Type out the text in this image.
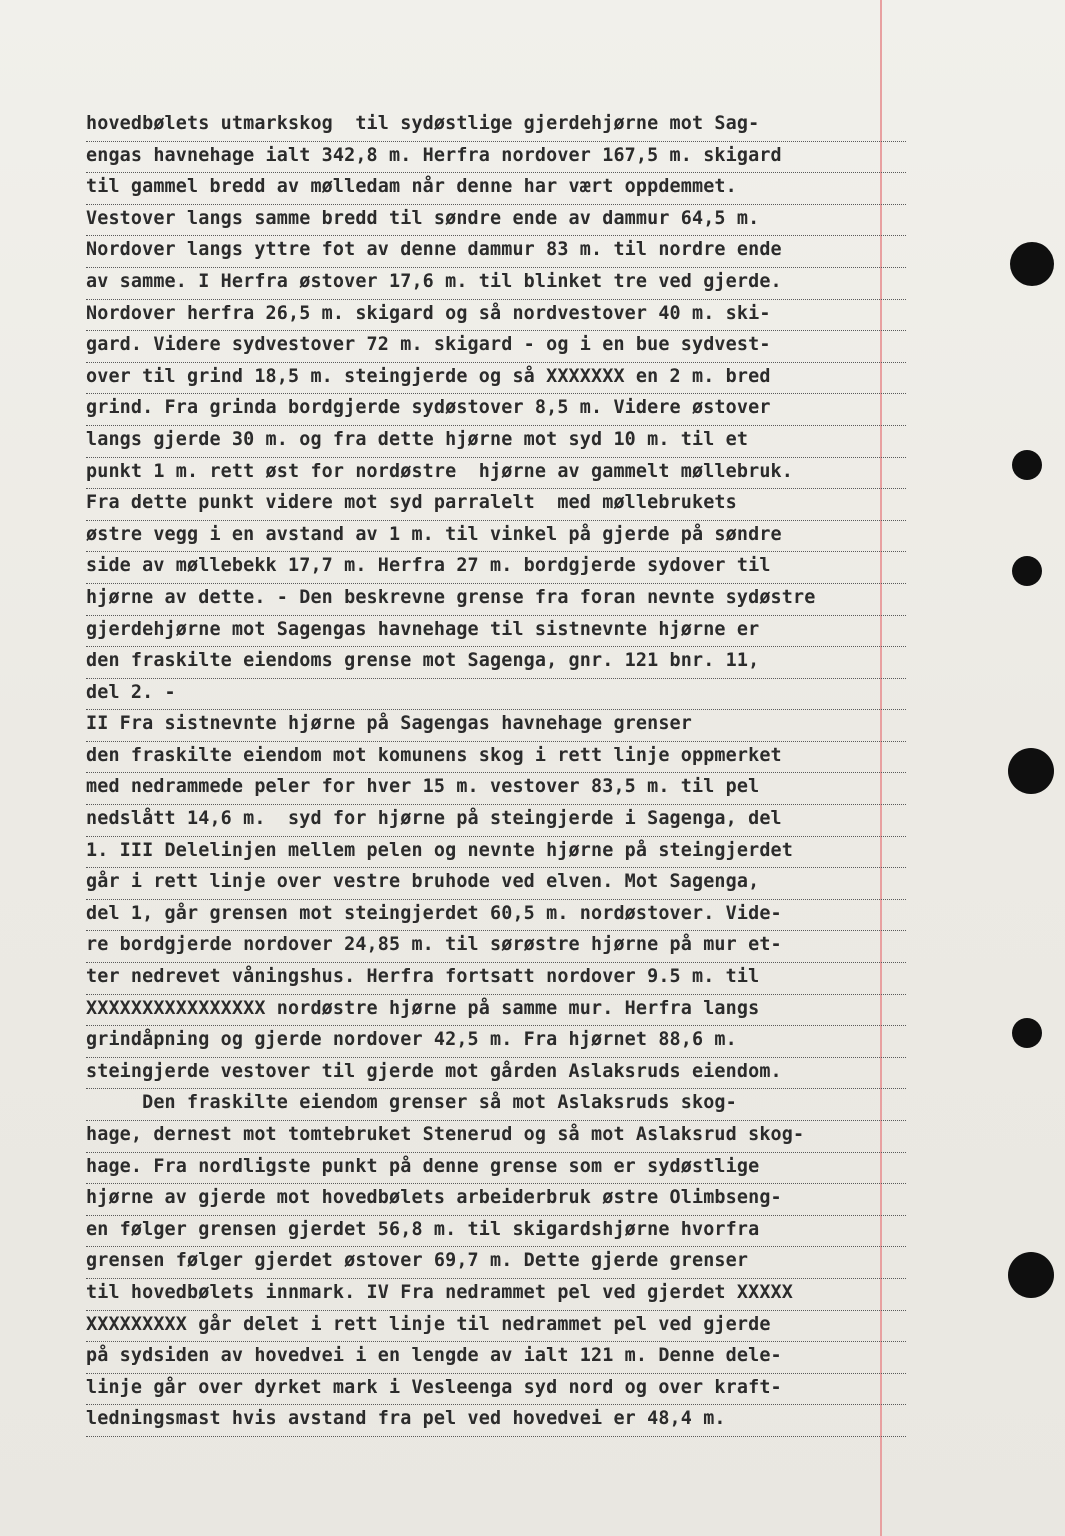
hovedbølets utmarkskog  til sydøstlige gjerdehjørne mot Sag-
engas havnehage ialt 342,8 m. Herfra nordover 167,5 m. skigard
til gammel bredd av mølledam når denne har vært oppdemmet.
Vestover langs samme bredd til søndre ende av dammur 64,5 m.
Nordover langs yttre fot av denne dammur 83 m. til nordre ende
av samme. I Herfra østover 17,6 m. til blinket tre ved gjerde.
Nordover herfra 26,5 m. skigard og så nordvestover 40 m. ski-
gard. Videre sydvestover 72 m. skigard - og i en bue sydvest-
over til grind 18,5 m. steingjerde og så XXXXXXX en 2 m. bred
grind. Fra grinda bordgjerde sydøstover 8,5 m. Videre østover
langs gjerde 30 m. og fra dette hjørne mot syd 10 m. til et
punkt 1 m. rett øst for nordøstre  hjørne av gammelt møllebruk.
Fra dette punkt videre mot syd parralelt  med møllebrukets
østre vegg i en avstand av 1 m. til vinkel på gjerde på søndre
side av møllebekk 17,7 m. Herfra 27 m. bordgjerde sydover til
hjørne av dette. - Den beskrevne grense fra foran nevnte sydøstre
gjerdehjørne mot Sagengas havnehage til sistnevnte hjørne er
den fraskilte eiendoms grense mot Sagenga, gnr. 121 bnr. 11,
del 2. -
II Fra sistnevnte hjørne på Sagengas havnehage grenser
den fraskilte eiendom mot komunens skog i rett linje oppmerket
med nedrammede peler for hver 15 m. vestover 83,5 m. til pel
nedslått 14,6 m.  syd for hjørne på steingjerde i Sagenga, del
1. III Delelinjen mellem pelen og nevnte hjørne på steingjerdet
går i rett linje over vestre bruhode ved elven. Mot Sagenga,
del 1, går grensen mot steingjerdet 60,5 m. nordøstover. Vide-
re bordgjerde nordover 24,85 m. til sørøstre hjørne på mur et-
ter nedrevet våningshus. Herfra fortsatt nordover 9.5 m. til
XXXXXXXXXXXXXXXX nordøstre hjørne på samme mur. Herfra langs
grindåpning og gjerde nordover 42,5 m. Fra hjørnet 88,6 m.
steingjerde vestover til gjerde mot gården Aslaksruds eiendom.
Den fraskilte eiendom grenser så mot Aslaksruds skog-
hage, dernest mot tomtebruket Stenerud og så mot Aslaksrud skog-
hage. Fra nordligste punkt på denne grense som er sydøstlige
hjørne av gjerde mot hovedbølets arbeiderbruk østre Olimbseng-
en følger grensen gjerdet 56,8 m. til skigardshjørne hvorfra
grensen følger gjerdet østover 69,7 m. Dette gjerde grenser
til hovedbølets innmark. IV Fra nedrammet pel ved gjerdet XXXXX
XXXXXXXXX går delet i rett linje til nedrammet pel ved gjerde
på sydsiden av hovedvei i en lengde av ialt 121 m. Denne dele-
linje går over dyrket mark i Vesleenga syd nord og over kraft-
ledningsmast hvis avstand fra pel ved hovedvei er 48,4 m.
